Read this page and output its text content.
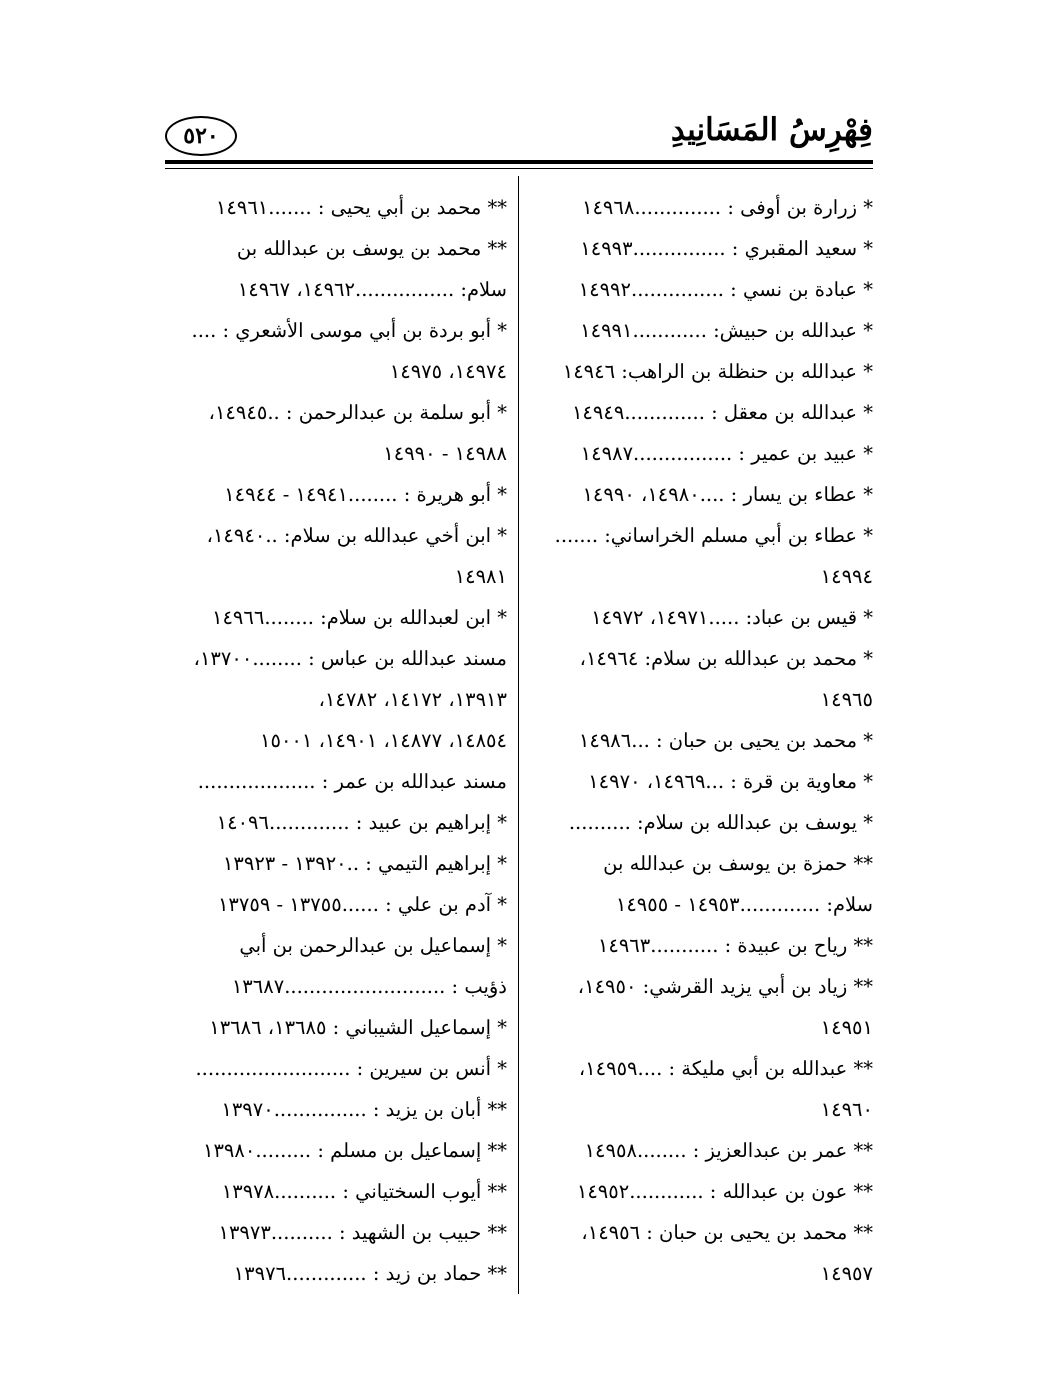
فِهْرِسُ المَسَانِيدِ
٥٢٠
* زرارة بن أوفى : ..............١٤٩٦٨
* سعيد المقبري : ...............١٤٩٩٣
* عبادة بن نسي : ...............١٤٩٩٢
* عبدالله بن حبيش: ............١٤٩٩١
* عبدالله بن حنظلة بن الراهب: ١٤٩٤٦
* عبدالله بن معقل : .............١٤٩٤٩
* عبيد بن عمير : ................١٤٩٨٧
* عطاء بن يسار : ....١٤٩٨٠، ١٤٩٩٠
* عطاء بن أبي مسلم الخراساني: .......
١٤٩٩٤
* قيس بن عباد: .....١٤٩٧١، ١٤٩٧٢
* محمد بن عبدالله بن سلام: ١٤٩٦٤،
١٤٩٦٥
* محمد بن يحيى بن حبان : ...١٤٩٨٦
* معاوية بن قرة : ...١٤٩٦٩، ١٤٩٧٠
* يوسف بن عبدالله بن سلام: ..........
** حمزة بن يوسف بن عبدالله بن
سلام: .............١٤٩٥٣ - ١٤٩٥٥
** رياح بن عبيدة : ...........١٤٩٦٣
** زياد بن أبي يزيد القرشي: ١٤٩٥٠،
١٤٩٥١
** عبدالله بن أبي مليكة : ....١٤٩٥٩،
١٤٩٦٠
** عمر بن عبدالعزيز : ........١٤٩٥٨
** عون بن عبدالله : ............١٤٩٥٢
** محمد بن يحيى بن حبان : ١٤٩٥٦،
١٤٩٥٧
** محمد بن أبي يحيى : .......١٤٩٦١
** محمد بن يوسف بن عبدالله بن
سلام: ................١٤٩٦٢، ١٤٩٦٧
* أبو بردة بن أبي موسى الأشعري : ....
١٤٩٧٤، ١٤٩٧٥
* أبو سلمة بن عبدالرحمن : ..١٤٩٤٥،
١٤٩٨٨ - ١٤٩٩٠
* أبو هريرة : ........١٤٩٤١ - ١٤٩٤٤
* ابن أخي عبدالله بن سلام: ..١٤٩٤٠،
١٤٩٨١
* ابن لعبدالله بن سلام: ........١٤٩٦٦
مسند عبدالله بن عباس : ........١٣٧٠٠،
١٣٩١٣، ١٤١٧٢، ١٤٧٨٢،
١٤٨٥٤، ١٤٨٧٧، ١٤٩٠١، ١٥٠٠١
مسند عبدالله بن عمر : ...................
* إبراهيم بن عبيد : .............١٤٠٩٦
* إبراهيم التيمي : ..١٣٩٢٠ - ١٣٩٢٣
* آدم بن علي : ......١٣٧٥٥ - ١٣٧٥٩
* إسماعيل بن عبدالرحمن بن أبي
ذؤيب : ..........................١٣٦٨٧
* إسماعيل الشيباني : ١٣٦٨٥، ١٣٦٨٦
* أنس بن سيرين : .........................
** أبان بن يزيد : ...............١٣٩٧٠
** إسماعيل بن مسلم : .........١٣٩٨٠
** أيوب السختياني : ..........١٣٩٧٨
** حبيب بن الشهيد : ..........١٣٩٧٣
** حماد بن زيد : .............١٣٩٧٦
